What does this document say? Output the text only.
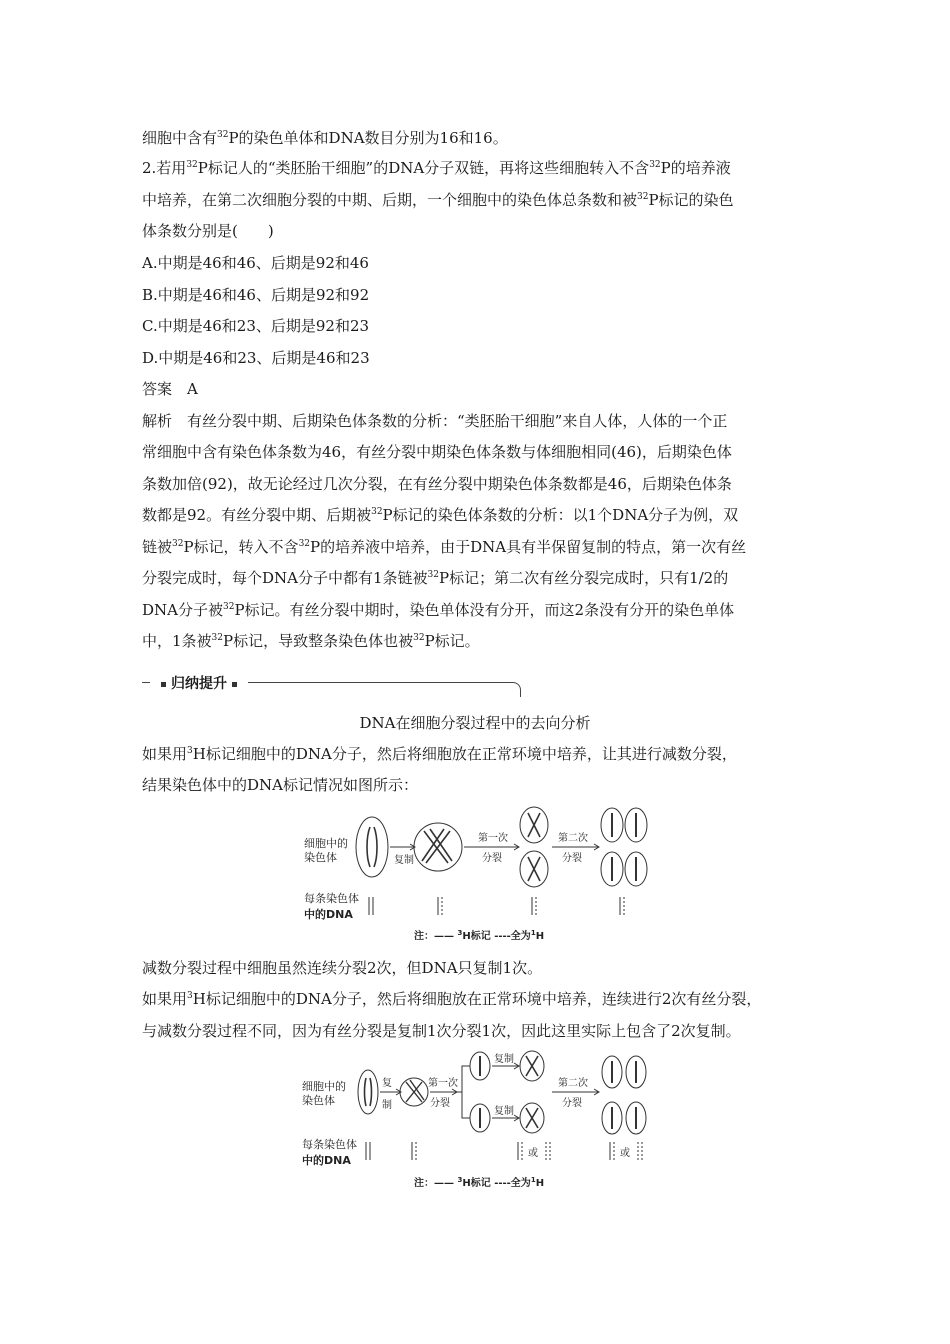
细胞中含有$^{32}$P的染色单体和DNA数目分别为16和16。
2.若用$^{32}$P标记人的“类胚胎干细胞”的DNA分子双链，再将这些细胞转入不含$^{32}$P的培养液
中培养，在第二次细胞分裂的中期、后期，一个细胞中的染色体总条数和被$^{32}$P标记的染色
体条数分别是(　　)
A.中期是46和46、后期是92和46
B.中期是46和46、后期是92和92
C.中期是46和23、后期是92和23
D.中期是46和23、后期是46和23
答案　A
解析　有丝分裂中期、后期染色体条数的分析：“类胚胎干细胞”来自人体，人体的一个正
常细胞中含有染色体条数为46，有丝分裂中期染色体条数与体细胞相同(46)，后期染色体
条数加倍(92)，故无论经过几次分裂，在有丝分裂中期染色体条数都是46，后期染色体条
数都是92。有丝分裂中期、后期被$^{32}$P标记的染色体条数的分析：以1个DNA分子为例，双
链被$^{32}$P标记，转入不含$^{32}$P的培养液中培养，由于DNA具有半保留复制的特点，第一次有丝
分裂完成时，每个DNA分子中都有1条链被$^{32}$P标记；第二次有丝分裂完成时，只有1/2的
DNA分子被$^{32}$P标记。有丝分裂中期时，染色单体没有分开，而这2条没有分开的染色单体
中，1条被$^{32}$P标记，导致整条染色体也被$^{32}$P标记。
归纳提升
DNA在细胞分裂过程中的去向分析
如果用$^3$H标记细胞中的DNA分子，然后将细胞放在正常环境中培养，让其进行减数分裂，
结果染色体中的DNA标记情况如图所示：
细胞中的
染色体
每条染色体
中的DNA
复制
第一次
分裂
第二次
分裂
注：—— $^3$H标记 ----全为$^1$H
减数分裂过程中细胞虽然连续分裂2次，但DNA只复制1次。
如果用$^3$H标记细胞中的DNA分子，然后将细胞放在正常环境中培养，连续进行2次有丝分裂，
与减数分裂过程不同，因为有丝分裂是复制1次分裂1次，因此这里实际上包含了2次复制。
细胞中的
染色体
每条染色体
中的DNA
复
制
第一次
分裂
复制
复制
第二次
分裂
或	或
注：—— $^3$H标记 ----全为$^1$H
